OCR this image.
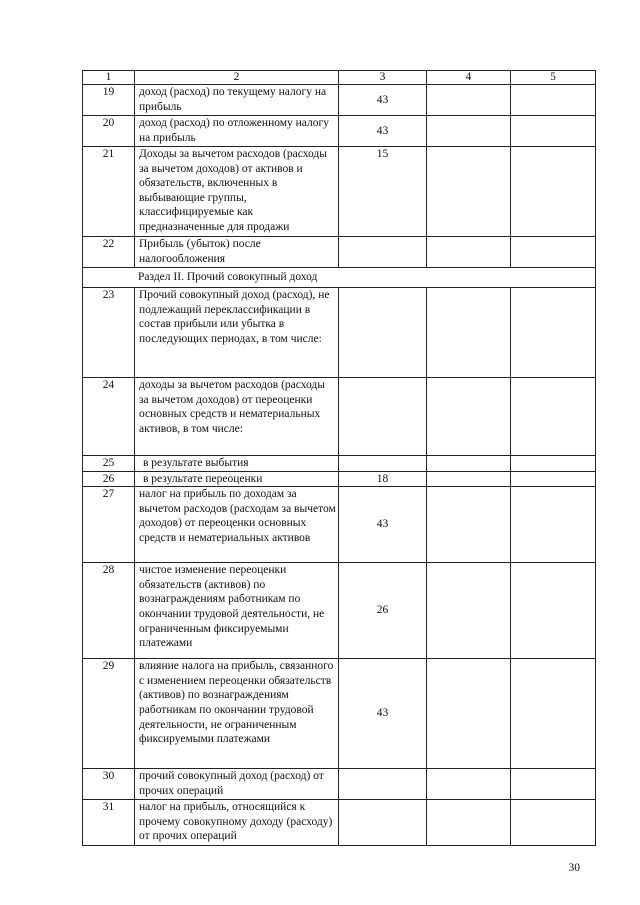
1	2	3	4	5
19	доход (расход) по текущему налогу на прибыль	43		
20	доход (расход) по отложенному налогу на прибыль	43		
21	Доходы за вычетом расходов (расходы за вычетом доходов) от активов и обязательств, включенных в выбывающие группы, классифицируемые как предназначенные для продажи	15		
22	Прибыль (убыток) после налогообложения			
Раздел II. Прочий совокупный доход				
23	Прочий совокупный доход (расход), не подлежащий переклассификации в состав прибыли или убытка в последующих периодах, в том числе:			
24	доходы за вычетом расходов (расходы за вычетом доходов) от переоценки основных средств и нематериальных активов, в том числе:			
25	в результате выбытия			
26	в результате переоценки	18		
27	налог на прибыль по доходам за вычетом расходов (расходам за вычетом доходов) от переоценки основных средств и нематериальных активов	43		
28	чистое изменение переоценки обязательств (активов) по вознаграждениям работникам по окончании трудовой деятельности, не ограниченным фиксируемыми платежами	26		
29	влияние налога на прибыль, связанного с изменением переоценки обязательств (активов) по вознаграждениям работникам по окончании трудовой деятельности, не ограниченным фиксируемыми платежами	43		
30	прочий совокупный доход (расход) от прочих операций			
31	налог на прибыль, относящийся к прочему совокупному доходу (расходу) от прочих операций			
30
